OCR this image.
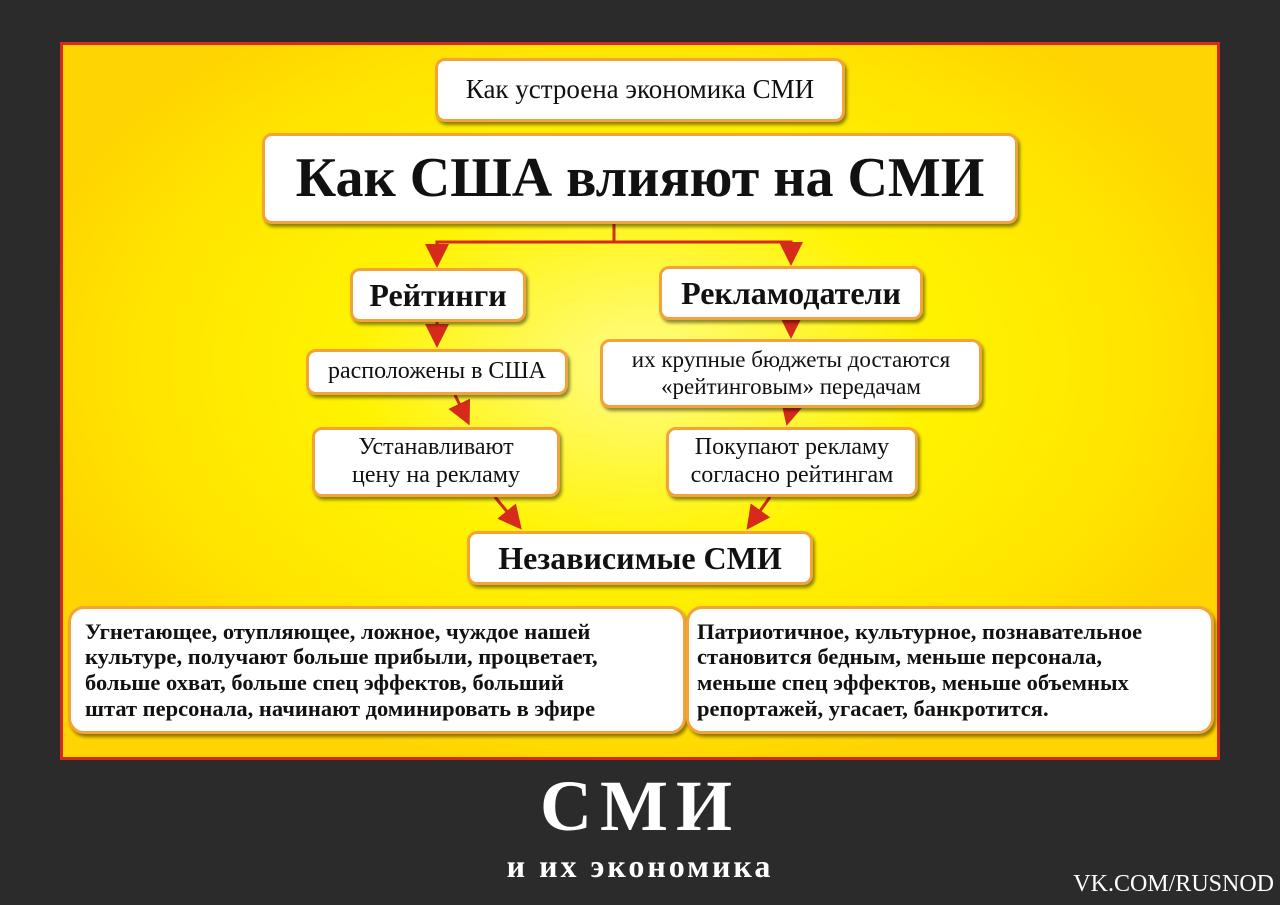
Как устроена экономика СМИ
Как США влияют на СМИ
Рейтинги	Рекламодатели
расположены в США	их крупные бюджеты достаются
«рейтинговым» передачам
Устанавливают
цену на рекламу
Покупают рекламу
согласно рейтингам
Независимые СМИ
Угнетающее, отупляющее, ложное, чуждое нашей
культуре, получают больше прибыли, процветает,
больше охват, больше спец эффектов, больший
штат персонала, начинают доминировать в эфире
Патриотичное, культурное, познавательное
становится бедным, меньше персонала,
меньше спец эффектов, меньше объемных
репортажей, угасает, банкротится.
СМИ
и их экономика	VK.COM/RUSNOD
